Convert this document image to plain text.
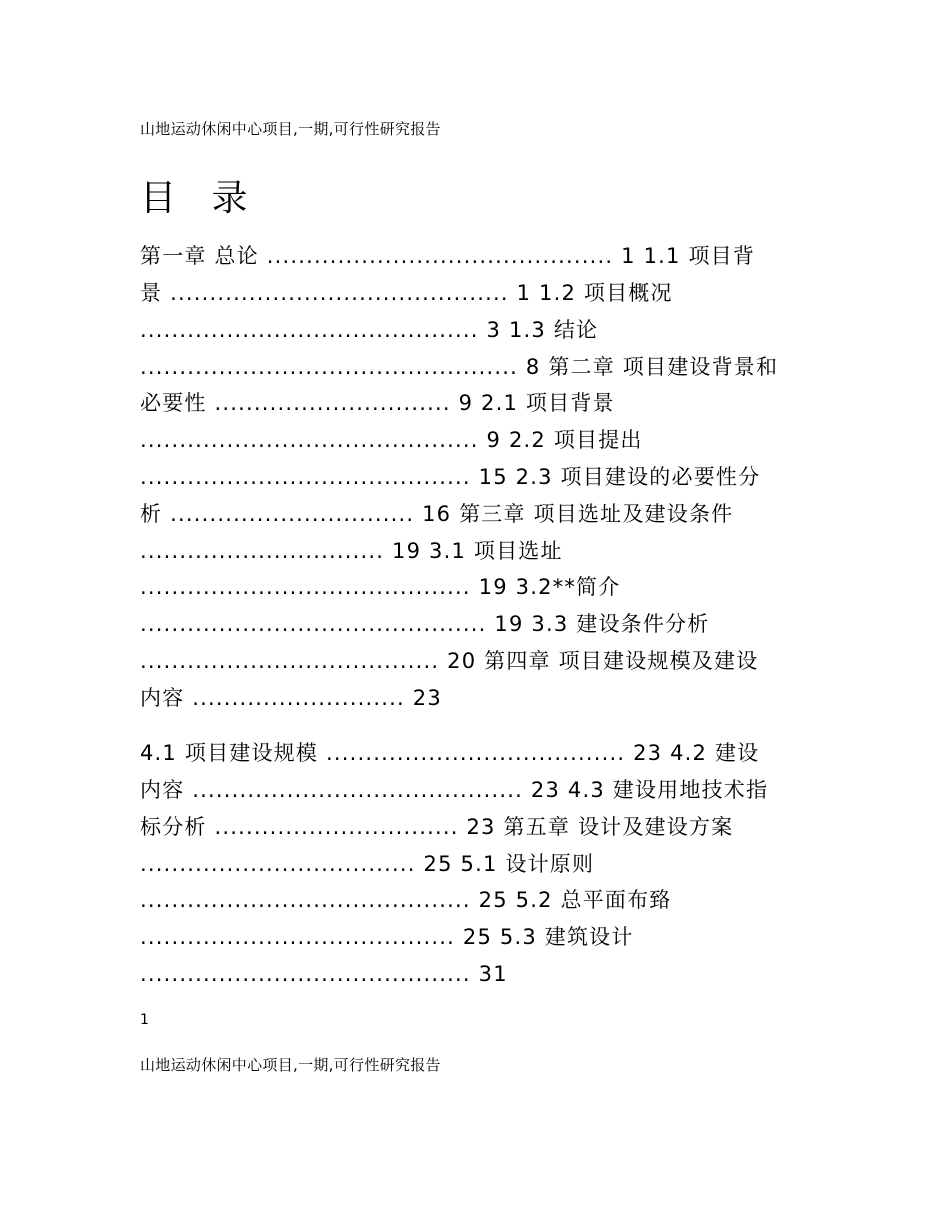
山地运动休闲中心项目,一期,可行性研究报告
目 录
第一章 总论 ............................................ 1 1.1 项目背
景 ........................................... 1 1.2 项目概况
........................................... 3 1.3 结论
................................................ 8 第二章 项目建设背景和
必要性 .............................. 9 2.1 项目背景
........................................... 9 2.2 项目提出
.......................................... 15 2.3 项目建设的必要性分
析 ............................... 16 第三章 项目选址及建设条件
............................... 19 3.1 项目选址
.......................................... 19 3.2**简介
............................................ 19 3.3 建设条件分析
...................................... 20 第四章 项目建设规模及建设
内容 ........................... 23
4.1 项目建设规模 ...................................... 23 4.2 建设
内容 .......................................... 23 4.3 建设用地技术指
标分析 ............................... 23 第五章 设计及建设方案
................................... 25 5.1 设计原则
.......................................... 25 5.2 总平面布臵
........................................ 25 5.3 建筑设计
.......................................... 31
1
山地运动休闲中心项目,一期,可行性研究报告
